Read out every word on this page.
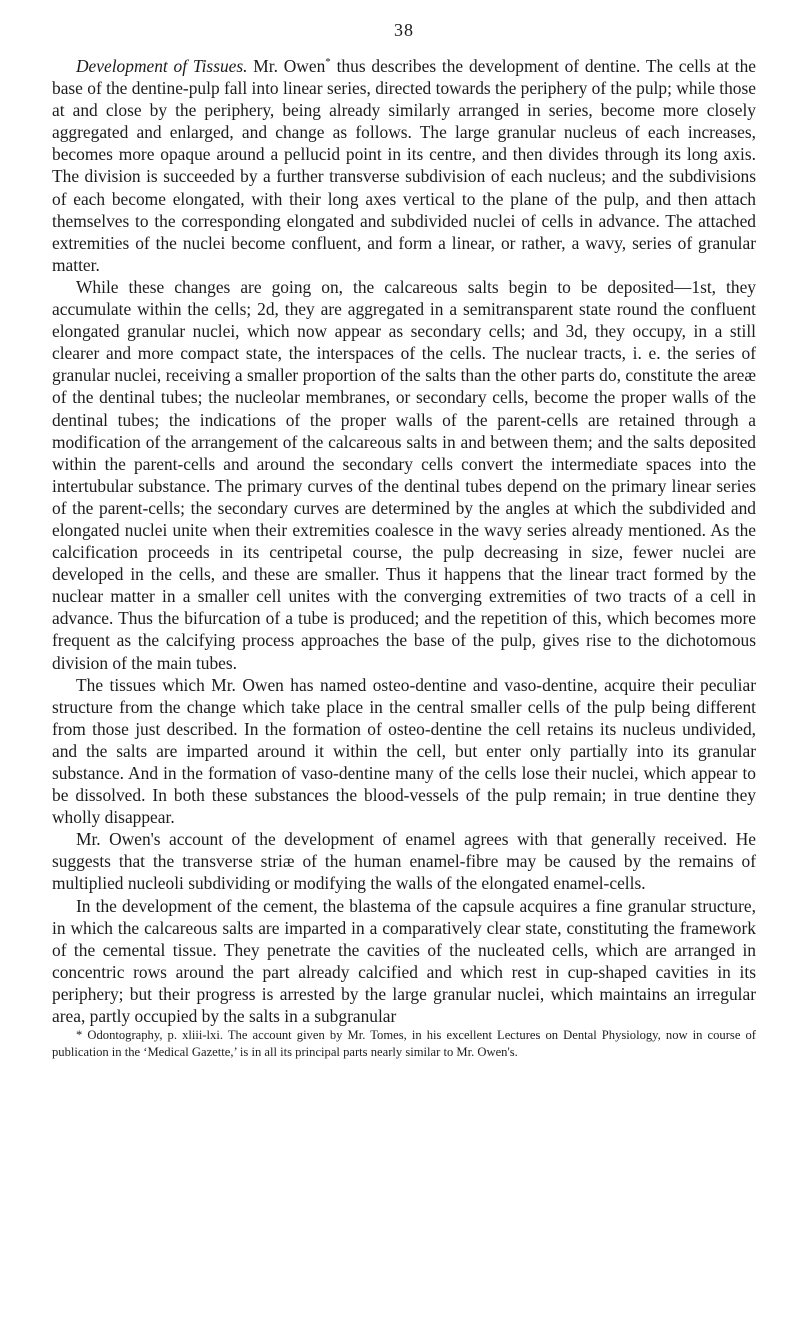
38

Development of Tissues. Mr. Owen* thus describes the development of dentine. The cells at the base of the dentine-pulp fall into linear series, directed towards the periphery of the pulp; while those at and close by the periphery, being already similarly arranged in series, become more closely aggregated and enlarged, and change as follows. The large granular nucleus of each increases, becomes more opaque around a pellucid point in its centre, and then divides through its long axis. The division is succeeded by a further transverse subdivision of each nucleus; and the subdivisions of each become elongated, with their long axes vertical to the plane of the pulp, and then attach themselves to the corresponding elongated and subdivided nuclei of cells in advance. The attached extremities of the nuclei become confluent, and form a linear, or rather, a wavy, series of granular matter.

While these changes are going on, the calcareous salts begin to be deposited—1st, they accumulate within the cells; 2d, they are aggregated in a semitransparent state round the confluent elongated granular nuclei, which now appear as secondary cells; and 3d, they occupy, in a still clearer and more compact state, the interspaces of the cells. The nuclear tracts, i. e. the series of granular nuclei, receiving a smaller proportion of the salts than the other parts do, constitute the areæ of the dentinal tubes; the nucleolar membranes, or secondary cells, become the proper walls of the dentinal tubes; the indications of the proper walls of the parent-cells are retained through a modification of the arrangement of the calcareous salts in and between them; and the salts deposited within the parent-cells and around the secondary cells convert the intermediate spaces into the intertubular substance. The primary curves of the dentinal tubes depend on the primary linear series of the parent-cells; the secondary curves are determined by the angles at which the subdivided and elongated nuclei unite when their extremities coalesce in the wavy series already mentioned. As the calcification proceeds in its centripetal course, the pulp decreasing in size, fewer nuclei are developed in the cells, and these are smaller. Thus it happens that the linear tract formed by the nuclear matter in a smaller cell unites with the converging extremities of two tracts of a cell in advance. Thus the bifurcation of a tube is produced; and the repetition of this, which becomes more frequent as the calcifying process approaches the base of the pulp, gives rise to the dichotomous division of the main tubes.

The tissues which Mr. Owen has named osteo-dentine and vaso-dentine, acquire their peculiar structure from the change which take place in the central smaller cells of the pulp being different from those just described. In the formation of osteo-dentine the cell retains its nucleus undivided, and the salts are imparted around it within the cell, but enter only partially into its granular substance. And in the formation of vaso-dentine many of the cells lose their nuclei, which appear to be dissolved. In both these substances the blood-vessels of the pulp remain; in true dentine they wholly disappear.

Mr. Owen's account of the development of enamel agrees with that generally received. He suggests that the transverse striæ of the human enamel-fibre may be caused by the remains of multiplied nucleoli subdividing or modifying the walls of the elongated enamel-cells.

In the development of the cement, the blastema of the capsule acquires a fine granular structure, in which the calcareous salts are imparted in a comparatively clear state, constituting the framework of the cemental tissue. They penetrate the cavities of the nucleated cells, which are arranged in concentric rows around the part already calcified and which rest in cup-shaped cavities in its periphery; but their progress is arrested by the large granular nuclei, which maintains an irregular area, partly occupied by the salts in a subgranular

* Odontography, p. xliii-lxi. The account given by Mr. Tomes, in his excellent Lectures on Dental Physiology, now in course of publication in the ‘Medical Gazette,’ is in all its principal parts nearly similar to Mr. Owen's.
